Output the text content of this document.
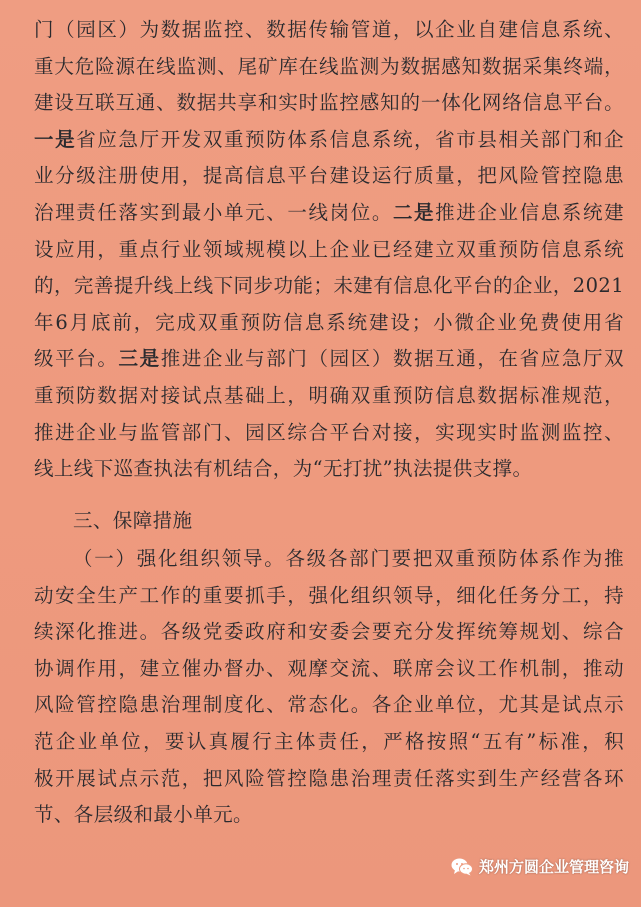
门（园区）为数据监控、数据传输管道，以企业自建信息系统、
重大危险源在线监测、尾矿库在线监测为数据感知数据采集终端，
建设互联互通、数据共享和实时监控感知的一体化网络信息平台。
一是省应急厅开发双重预防体系信息系统，省市县相关部门和企
业分级注册使用，提高信息平台建设运行质量，把风险管控隐患
治理责任落实到最小单元、一线岗位。二是推进企业信息系统建
设应用，重点行业领域规模以上企业已经建立双重预防信息系统
的，完善提升线上线下同步功能；未建有信息化平台的企业，2021
年6月底前，完成双重预防信息系统建设；小微企业免费使用省
级平台。三是推进企业与部门（园区）数据互通，在省应急厅双
重预防数据对接试点基础上，明确双重预防信息数据标准规范，
推进企业与监管部门、园区综合平台对接，实现实时监测监控、
线上线下巡查执法有机结合，为“无打扰”执法提供支撑。
三、保障措施
（一）强化组织领导。各级各部门要把双重预防体系作为推
动安全生产工作的重要抓手，强化组织领导，细化任务分工，持
续深化推进。各级党委政府和安委会要充分发挥统筹规划、综合
协调作用，建立催办督办、观摩交流、联席会议工作机制，推动
风险管控隐患治理制度化、常态化。各企业单位，尤其是试点示
范企业单位，要认真履行主体责任，严格按照“五有”标准，积
极开展试点示范，把风险管控隐患治理责任落实到生产经营各环
节、各层级和最小单元。
郑州方圆企业管理咨询
